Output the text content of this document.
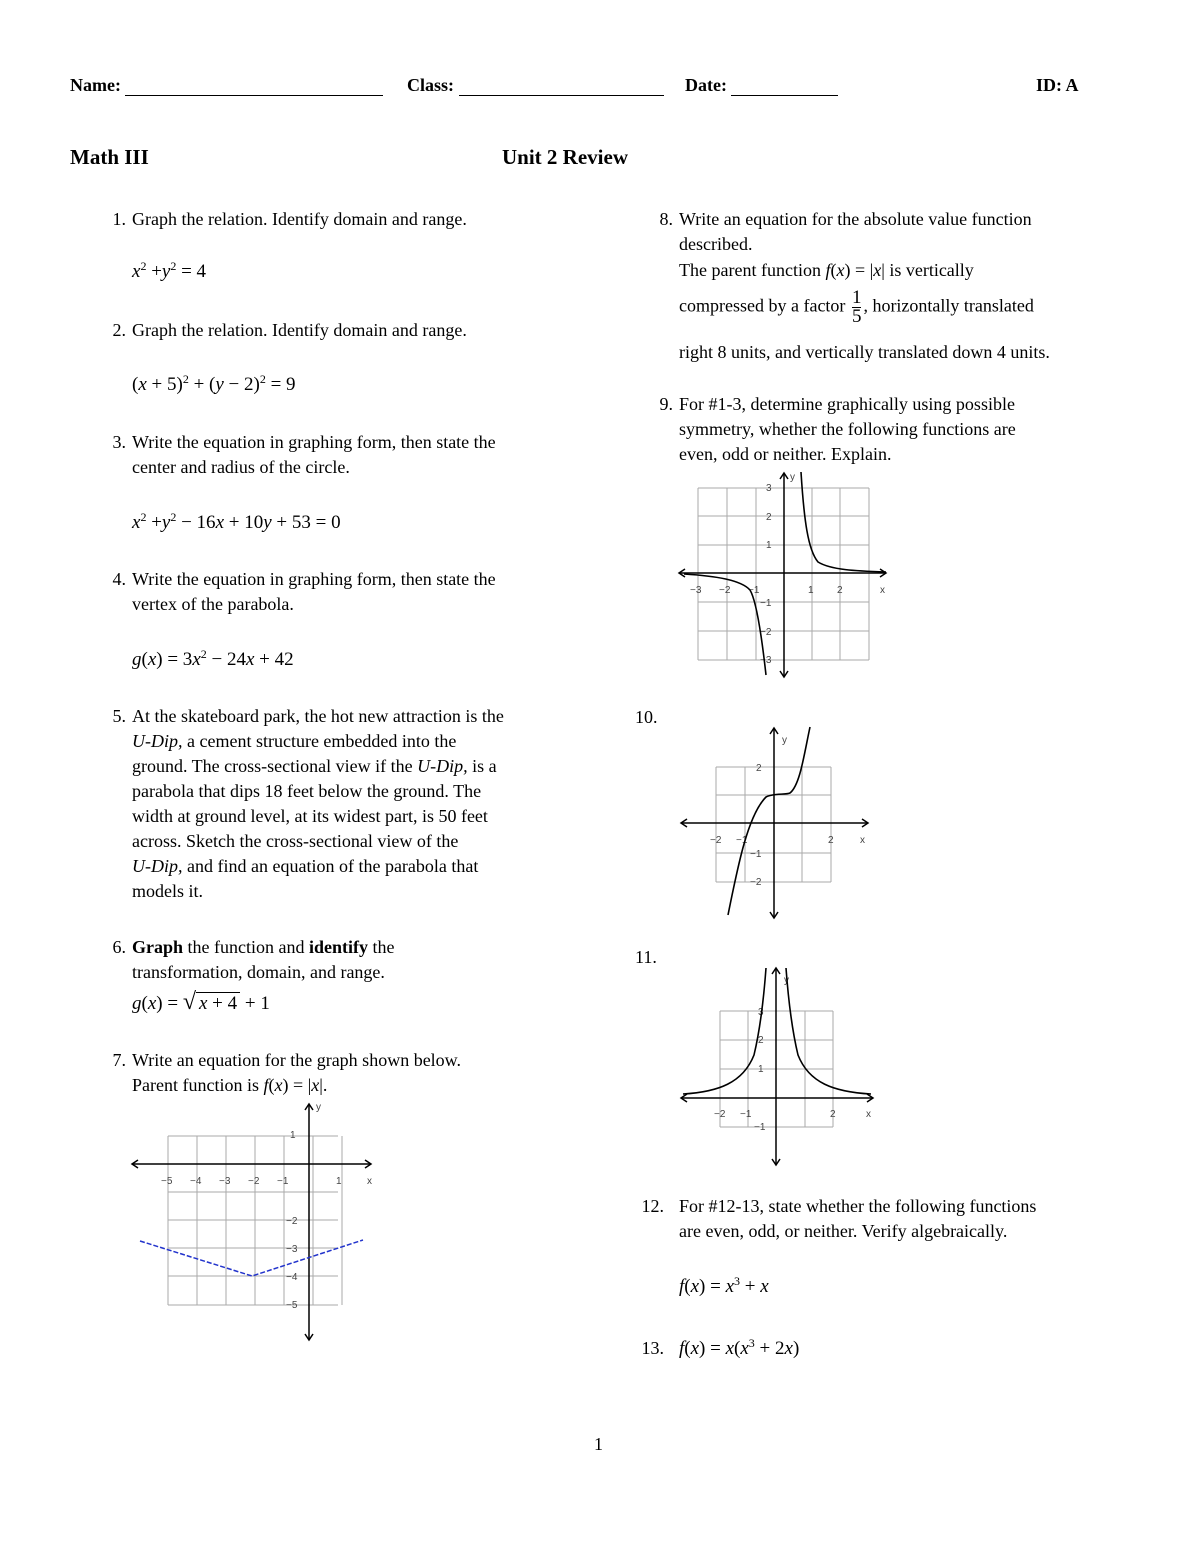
Name:	Class:	Date:	ID: A
Math III	Unit 2 Review
1. Graph the relation. Identify domain and range.
$x^2 +y^2 = 4$
2. Graph the relation. Identify domain and range.
$(x + 5)^2 + (y - 2)^2 = 9$
3. Write the equation in graphing form, then state the
center and radius of the circle.
$x^2 +y^2 - 16x + 10y + 53 = 0$
4. Write the equation in graphing form, then state the
vertex of the parabola.
$g(x) = 3x^2 - 24x + 42$
5. At the skateboard park, the hot new attraction is the
U-Dip, a cement structure embedded into the
ground. The cross-sectional view if the U-Dip, is a
parabola that dips 18 feet below the ground. The
width at ground level, at its widest part, is 50 feet
across. Sketch the cross-sectional view of the
U-Dip, and find an equation of the parabola that
models it.
6. Graph the function and identify the
transformation, domain, and range.
g(x) = √ x + 4 + 1
7. Write an equation for the graph shown below.
Parent function is f(x) = |x|.
−5 −4 −3 −2 −1	1	x
y
1
−2
−3
−4
−5
8. Write an equation for the absolute value function
described.
The parent function f(x) = |x| is vertically
compressed by a factor $\frac{1}{5}$ , horizontally translated
right 8 units, and vertically translated down 4 units.
9. For #1-3, determine graphically using possible
symmetry, whether the following functions are
even, odd or neither. Explain.
−3 −2 −1	1 2	x
y
3
2
1
−1
−2
−3
10.
−2 −1	2	x
y
2
−1
−2
11.
−2 −1	2	x
y
3
2
1
−1
12. For #12-13, state whether the following functions
are even, odd, or neither. Verify algebraically.
$f(x) = x^3 + x$
13. $f(x) = x(x^3 + 2x)$
1
